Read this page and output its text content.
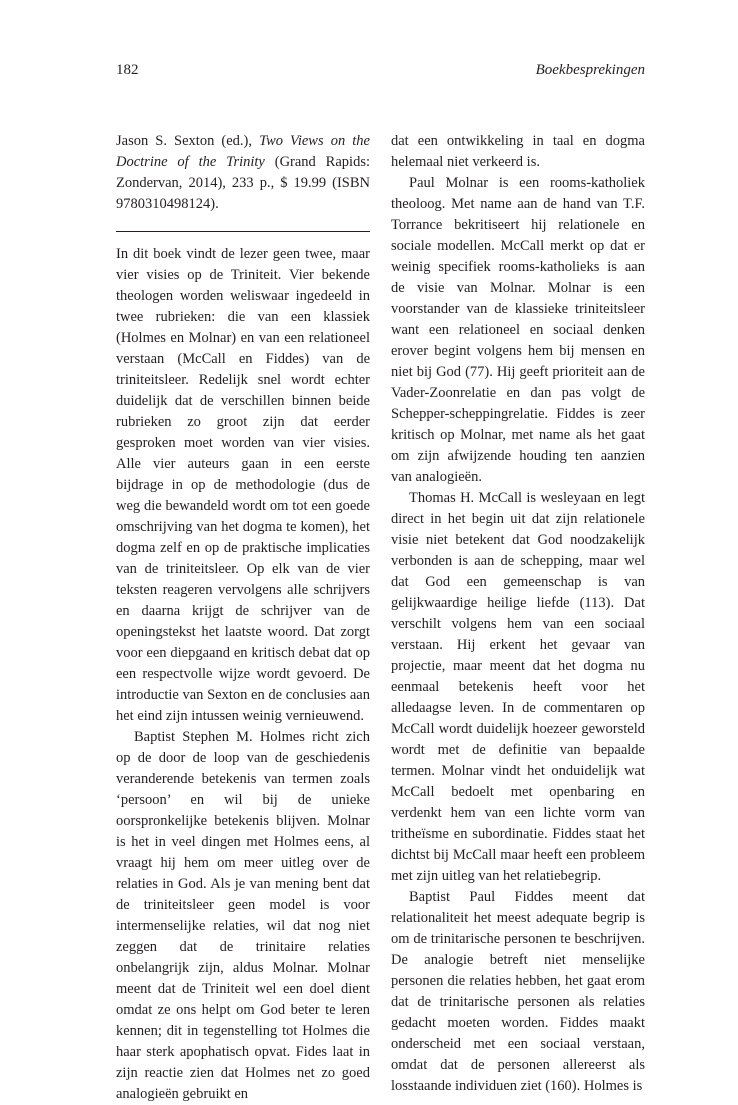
182	Boekbesprekingen

Jason S. Sexton (ed.), Two Views on the Doctrine of the Trinity (Grand Rapids: Zondervan, 2014), 233 p., $ 19.99 (ISBN 9780310498124).

In dit boek vindt de lezer geen twee, maar vier visies op de Triniteit. Vier bekende theologen worden weliswaar ingedeeld in twee rubrieken: die van een klassiek (Holmes en Molnar) en van een relationeel verstaan (McCall en Fiddes) van de triniteitsleer. Redelijk snel wordt echter duidelijk dat de verschillen binnen beide rubrieken zo groot zijn dat eerder gesproken moet worden van vier visies. Alle vier auteurs gaan in een eerste bijdrage in op de methodologie (dus de weg die bewandeld wordt om tot een goede omschrijving van het dogma te komen), het dogma zelf en op de praktische implicaties van de triniteitsleer. Op elk van de vier teksten reageren vervolgens alle schrijvers en daarna krijgt de schrijver van de openingstekst het laatste woord. Dat zorgt voor een diepgaand en kritisch debat dat op een respectvolle wijze wordt gevoerd. De introductie van Sexton en de conclusies aan het eind zijn intussen weinig vernieuwend.

Baptist Stephen M. Holmes richt zich op de door de loop van de geschiedenis veranderende betekenis van termen zoals ‘persoon’ en wil bij de unieke oorspronkelijke betekenis blijven. Molnar is het in veel dingen met Holmes eens, al vraagt hij hem om meer uitleg over de relaties in God. Als je van mening bent dat de triniteitsleer geen model is voor intermenselijke relaties, wil dat nog niet zeggen dat de trinitaire relaties onbelangrijk zijn, aldus Molnar. Molnar meent dat de Triniteit wel een doel dient omdat ze ons helpt om God beter te leren kennen; dit in tegenstelling tot Holmes die haar sterk apophatisch opvat. Fides laat in zijn reactie zien dat Holmes net zo goed analogieën gebruikt en

dat een ontwikkeling in taal en dogma helemaal niet verkeerd is.

Paul Molnar is een rooms-katholiek theoloog. Met name aan de hand van T.F. Torrance bekritiseert hij relationele en sociale modellen. McCall merkt op dat er weinig specifiek rooms-katholieks is aan de visie van Molnar. Molnar is een voorstander van de klassieke triniteitsleer want een relationeel en sociaal denken erover begint volgens hem bij mensen en niet bij God (77). Hij geeft prioriteit aan de Vader-Zoonrelatie en dan pas volgt de Schepper-scheppingrelatie. Fiddes is zeer kritisch op Molnar, met name als het gaat om zijn afwijzende houding ten aanzien van analogieën.

Thomas H. McCall is wesleyaan en legt direct in het begin uit dat zijn relationele visie niet betekent dat God noodzakelijk verbonden is aan de schepping, maar wel dat God een gemeenschap is van gelijkwaardige heilige liefde (113). Dat verschilt volgens hem van een sociaal verstaan. Hij erkent het gevaar van projectie, maar meent dat het dogma nu eenmaal betekenis heeft voor het alledaagse leven. In de commentaren op McCall wordt duidelijk hoezeer geworsteld wordt met de definitie van bepaalde termen. Molnar vindt het onduidelijk wat McCall bedoelt met openbaring en verdenkt hem van een lichte vorm van tritheïsme en subordinatie. Fiddes staat het dichtst bij McCall maar heeft een probleem met zijn uitleg van het relatiebegrip.

Baptist Paul Fiddes meent dat relationaliteit het meest adequate begrip is om de trinitarische personen te beschrijven. De analogie betreft niet menselijke personen die relaties hebben, het gaat erom dat de trinitarische personen als relaties gedacht moeten worden. Fiddes maakt onderscheid met een sociaal verstaan, omdat dat de personen allereerst als losstaande individuen ziet (160). Holmes is
